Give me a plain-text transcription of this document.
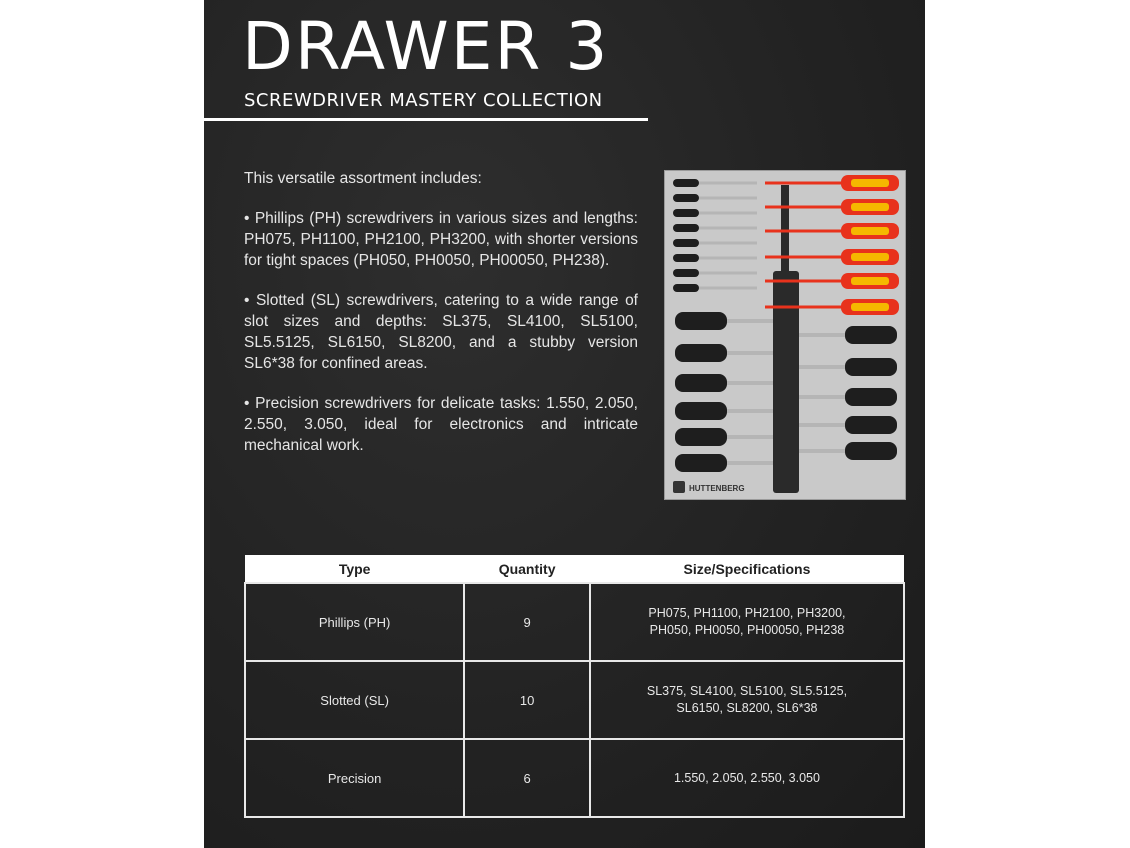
DRAWER 3
SCREWDRIVER MASTERY COLLECTION

This versatile assortment includes:

• Phillips (PH) screwdrivers in various sizes and lengths: PH075, PH1100, PH2100, PH3200, with shorter versions for tight spaces (PH050, PH0050, PH00050, PH238).

• Slotted (SL) screwdrivers, catering to a wide range of slot sizes and depths: SL375, SL4100, SL5100, SL5.5125, SL6150, SL8200, and a stubby version SL6*38 for confined areas.

• Precision screwdrivers for delicate tasks: 1.550, 2.050, 2.550, 3.050, ideal for electronics and intricate mechanical work.

HUTTENBERG
Type	Quantity	Size/Specifications
Phillips (PH)	9	PH075, PH1100, PH2100, PH3200,
PH050, PH0050, PH00050, PH238

Slotted (SL)	10	SL375, SL4100, SL5100, SL5.5125,
SL6150, SL8200, SL6*38

Precision	6	1.550, 2.050, 2.550, 3.050
